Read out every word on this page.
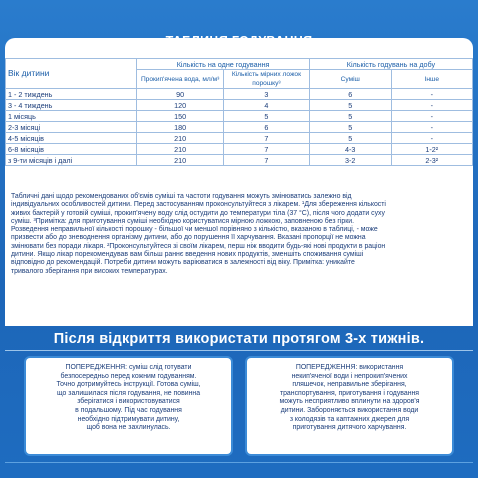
ТАБЛИЦЯ ГОДУВАННЯ
Вік дитини	Кількість на одне годування		Кількість годувань на добу	
	Прокип'ячена вода, мл/м³	Кількість мірних ложок порошку³	Суміш	Інше
1 - 2 тиждень	90	3	6	-
3 - 4 тиждень	120	4	5	-
1 місяць	150	5	5	-
2-3 місяці	180	6	5	-
4-5 місяців	210	7	5	-
6-8 місяців	210	7	4-3	1-2²
з 9-ти місяців і далі	210	7	3-2	2-3²
Табличні дані щодо рекомендованих об'ємів суміші та частоти годування можуть змінюватись залежно від
індивідуальних особливостей дитини. Перед застосуванням проконсультуйтеся з лікарем. ¹Для збереження кількості
живих бактерій у готовій суміші, прокип'ячену воду слід остудити до температури тіла (37 °С), після чого додати суху
суміш. ³Примітка: для приготування суміші необхідно користуватися мірною ложкою, заповненою без гірки.
Розведення неправильної кількості порошку - більшої чи меншої порівняно з кількістю, вказаною в таблиці, - може
призвести або до зневоднення організму дитини, або до порушення її харчування. Вказані пропорції не можна
змінювати без поради лікаря. ²Проконсультуйтеся зі своїм лікарем, перш ніж вводити будь-які нові продукти в раціон
дитини. Якщо лікар порекомендував вам більш раннє введення нових продуктів, зменшіть споживання суміші
відповідно до рекомендацій. Потреби дитини можуть варіюватися в залежності від віку. Примітка: уникайте
тривалого зберігання при високих температурах.
Після відкриття використати протягом 3-х тижнів.
ПОПЕРЕДЖЕННЯ: суміш слід готувати
безпосередньо перед кожним годуванням.
Точно дотримуйтесь інструкції. Готова суміш,
що залишилася після годування, не повинна
зберігатися і використовуватися
в подальшому. Під час годування
необхідно підтримувати дитину,
щоб вона не захлинулась.
ПОПЕРЕДЖЕННЯ: використання
некип'яченої води і непрокип'ячених
пляшечок, неправильне зберігання,
транспортування, приготування і годування
можуть несприятливо вплинути на здоров'я
дитини. Забороняється використання води
з колодязів та каптажних джерел для
приготування дитячого харчування.
